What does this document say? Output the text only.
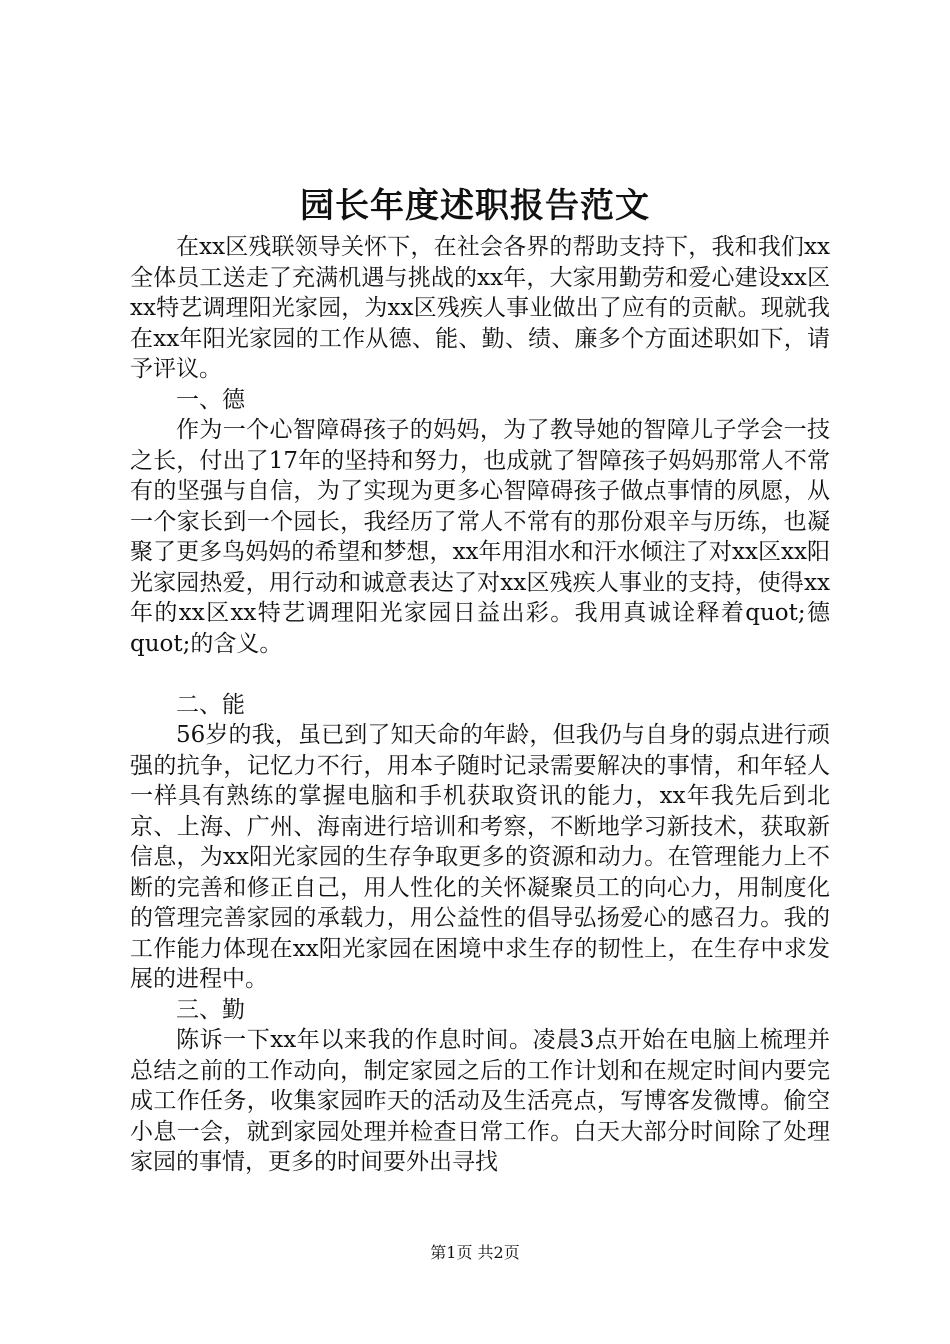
园长年度述职报告范文

在xx区残联领导关怀下，在社会各界的帮助支持下，我和我们xx全体员工送走了充满机遇与挑战的xx年，大家用勤劳和爱心建设xx区xx特艺调理阳光家园，为xx区残疾人事业做出了应有的贡献。现就我在xx年阳光家园的工作从德、能、勤、绩、廉多个方面述职如下，请予评议。

一、德

作为一个心智障碍孩子的妈妈，为了教导她的智障儿子学会一技之长，付出了17年的坚持和努力，也成就了智障孩子妈妈那常人不常有的坚强与自信，为了实现为更多心智障碍孩子做点事情的夙愿，从一个家长到一个园长，我经历了常人不常有的那份艰辛与历练，也凝聚了更多鸟妈妈的希望和梦想，xx年用泪水和汗水倾注了对xx区xx阳光家园热爱，用行动和诚意表达了对xx区残疾人事业的支持，使得xx年的xx区xx特艺调理阳光家园日益出彩。我用真诚诠释着quot;德quot;的含义。

二、能

56岁的我，虽已到了知天命的年龄，但我仍与自身的弱点进行顽强的抗争，记忆力不行，用本子随时记录需要解决的事情，和年轻人一样具有熟练的掌握电脑和手机获取资讯的能力，xx年我先后到北京、上海、广州、海南进行培训和考察，不断地学习新技术，获取新信息，为xx阳光家园的生存争取更多的资源和动力。在管理能力上不断的完善和修正自己，用人性化的关怀凝聚员工的向心力，用制度化的管理完善家园的承载力，用公益性的倡导弘扬爱心的感召力。我的工作能力体现在xx阳光家园在困境中求生存的韧性上，在生存中求发展的进程中。

三、勤

陈诉一下xx年以来我的作息时间。凌晨3点开始在电脑上梳理并总结之前的工作动向，制定家园之后的工作计划和在规定时间内要完成工作任务，收集家园昨天的活动及生活亮点，写博客发微博。偷空小息一会，就到家园处理并检查日常工作。白天大部分时间除了处理家园的事情，更多的时间要外出寻找

第1页 共2页
